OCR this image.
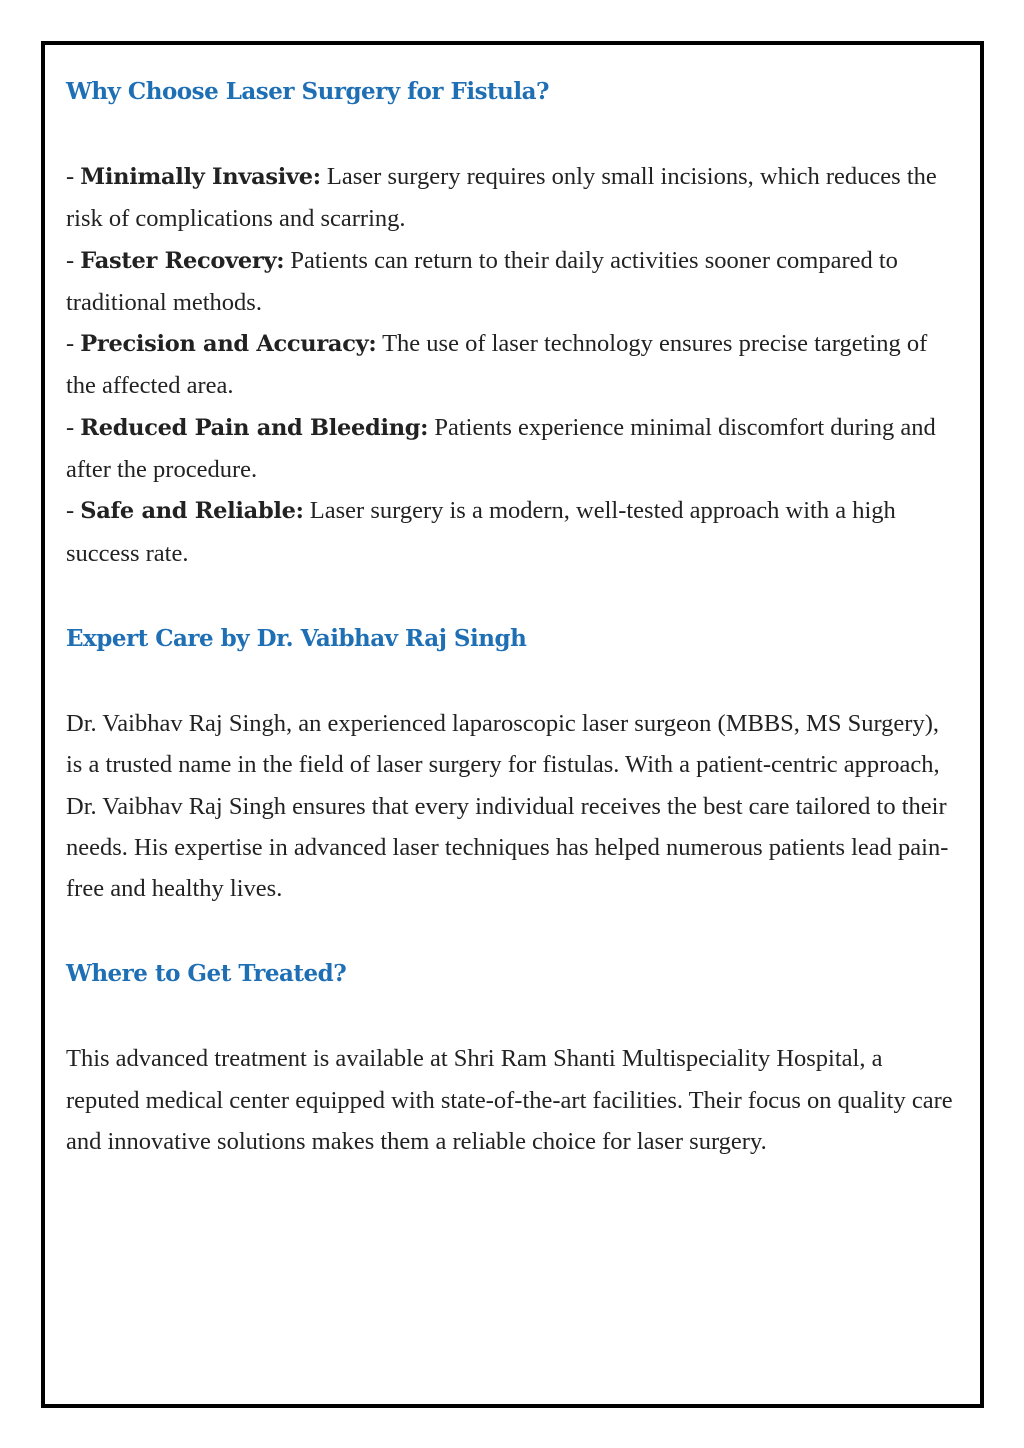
Why Choose Laser Surgery for Fistula?

- Minimally Invasive: Laser surgery requires only small incisions, which reduces the risk of complications and scarring.

- Faster Recovery: Patients can return to their daily activities sooner compared to traditional methods.

- Precision and Accuracy: The use of laser technology ensures precise targeting of the affected area.

- Reduced Pain and Bleeding: Patients experience minimal discomfort during and after the procedure.

- Safe and Reliable: Laser surgery is a modern, well-tested approach with a high success rate.

Expert Care by Dr. Vaibhav Raj Singh

Dr. Vaibhav Raj Singh, an experienced laparoscopic laser surgeon (MBBS, MS Surgery), is a trusted name in the field of laser surgery for fistulas. With a patient-centric approach, Dr. Vaibhav Raj Singh ensures that every individual receives the best care tailored to their needs. His expertise in advanced laser techniques has helped numerous patients lead pain-free and healthy lives.

Where to Get Treated?

This advanced treatment is available at Shri Ram Shanti Multispeciality Hospital, a reputed medical center equipped with state-of-the-art facilities. Their focus on quality care and innovative solutions makes them a reliable choice for laser surgery.
